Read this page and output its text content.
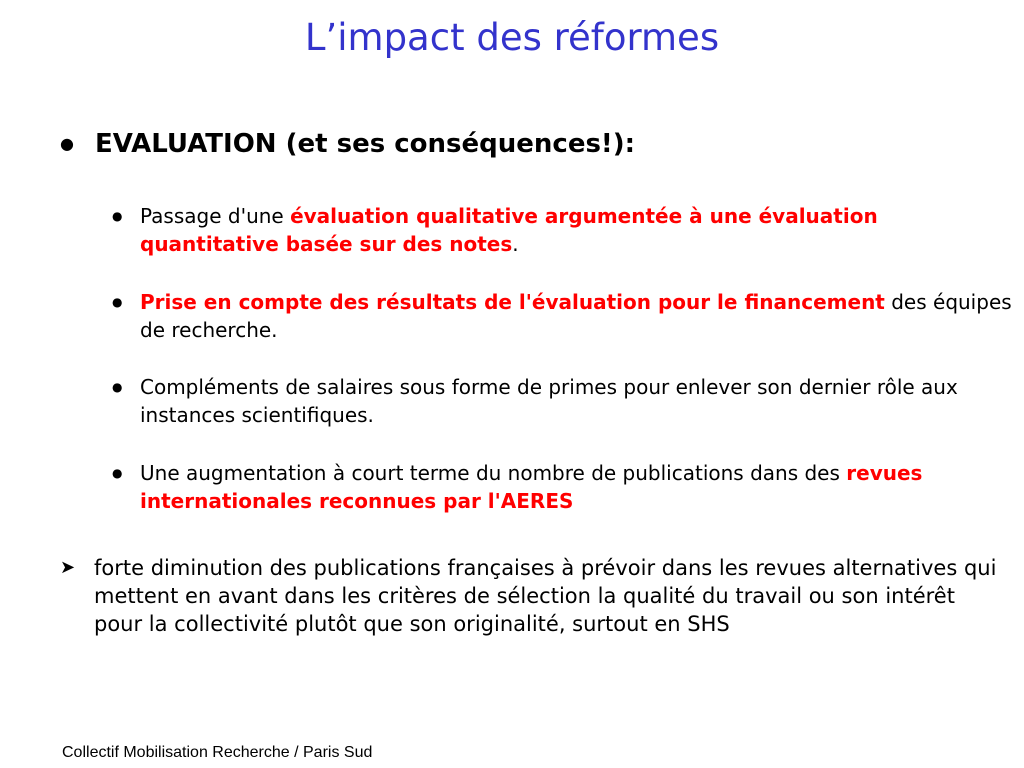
L’impact des réformes
● EVALUATION (et ses conséquences!):
● Passage d'une évaluation qualitative argumentée à une évaluation quantitative basée sur des notes.
● Prise en compte des résultats de l'évaluation pour le financement des équipes de recherche.
● Compléments de salaires sous forme de primes pour enlever son dernier rôle aux instances scientifiques.
● Une augmentation à court terme du nombre de publications dans des revues internationales reconnues par l'AERES
➤ forte diminution des publications françaises à prévoir dans les revues alternatives qui mettent en avant dans les critères de sélection la qualité du travail ou son intérêt pour la collectivité plutôt que son originalité, surtout en SHS
Collectif Mobilisation Recherche / Paris Sud
